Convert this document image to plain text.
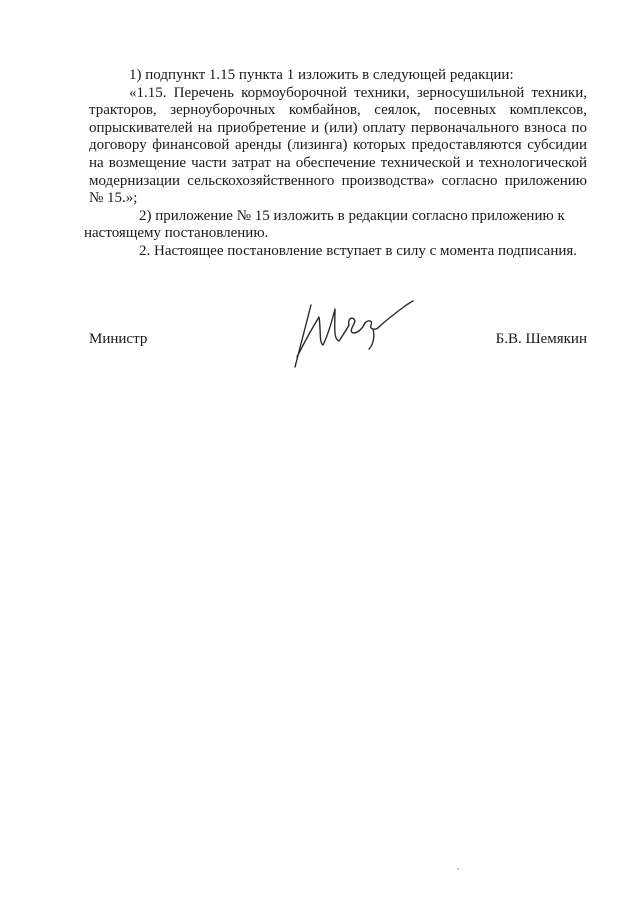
1) подпункт 1.15 пункта 1 изложить в следующей редакции:

«1.15. Перечень кормоуборочной техники, зерносушильной техники, тракторов, зерноуборочных комбайнов, сеялок, посевных комплексов, опрыскивателей на приобретение и (или) оплату первоначального взноса по договору финансовой аренды (лизинга) которых предоставляются субсидии на возмещение части затрат на обеспечение технической и технологической модернизации сельскохозяйственного производства» согласно приложению № 15.»;

2) приложение № 15 изложить в редакции согласно приложению к настоящему постановлению.

2. Настоящее постановление вступает в силу с момента подписания.

Министр	Б.В. Шемякин
